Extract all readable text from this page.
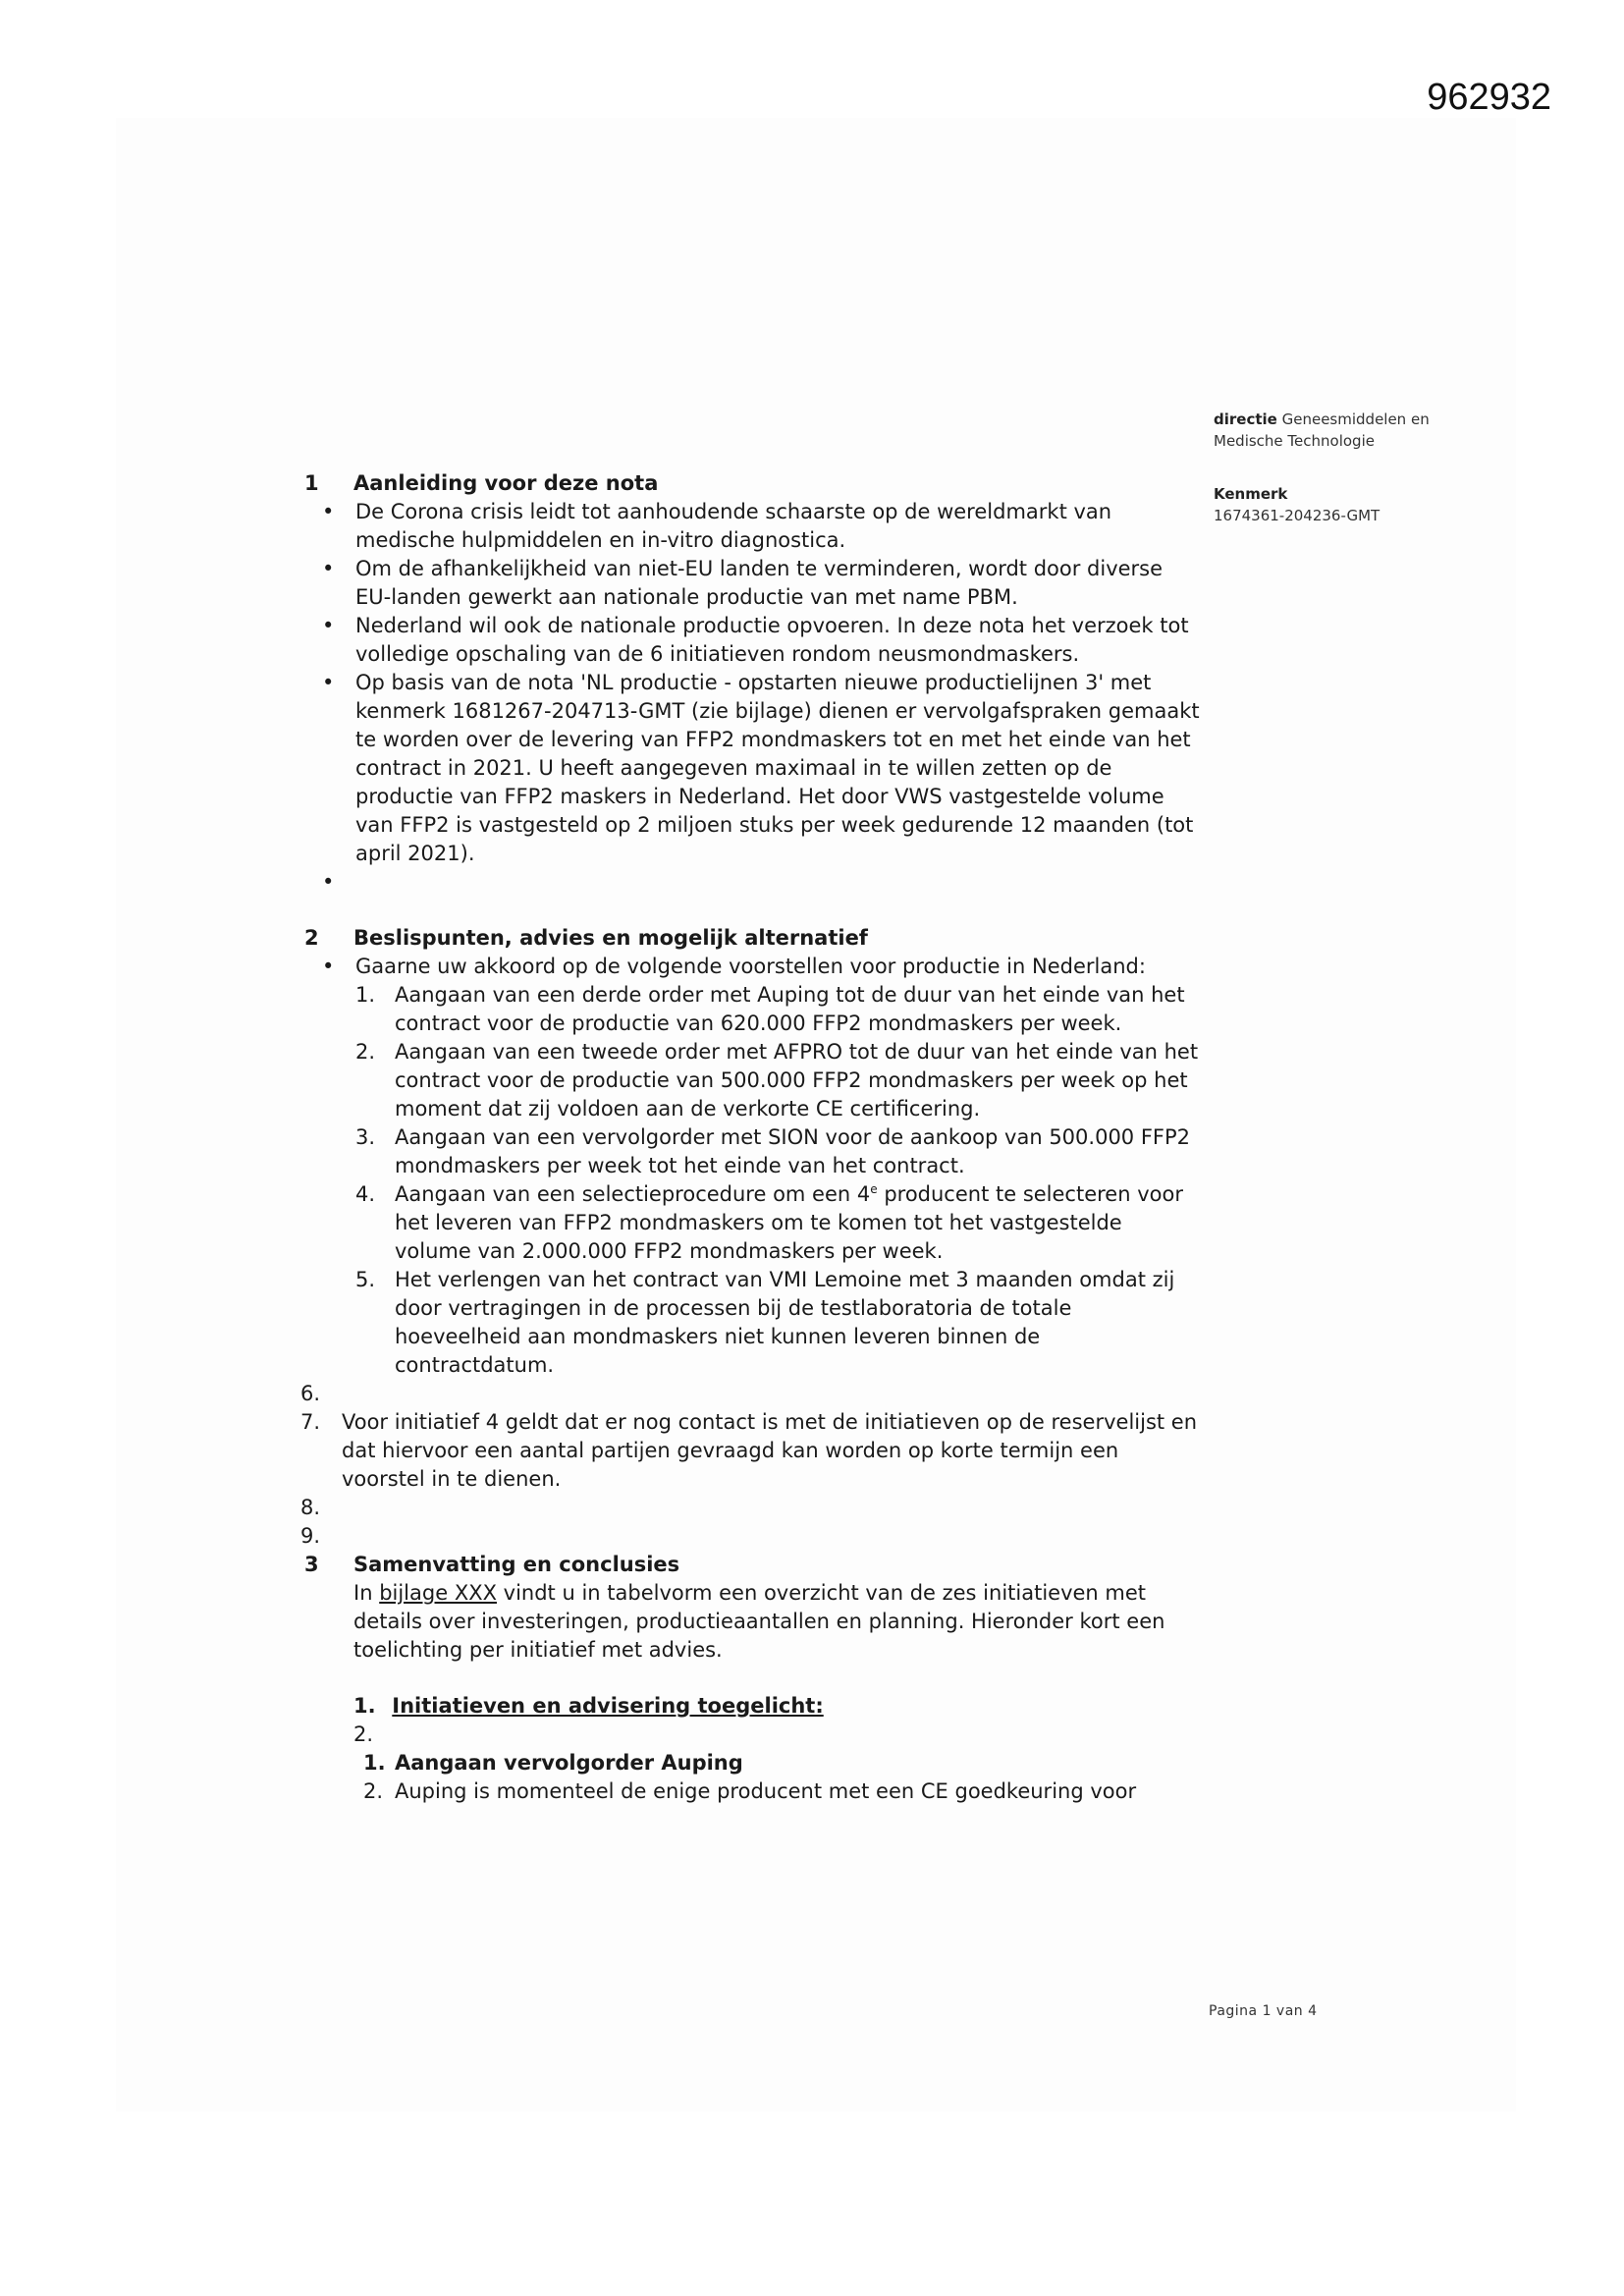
962932
directie Geneesmiddelen en
Medische Technologie
Kenmerk
1674361-204236-GMT
1 Aanleiding voor deze nota
• De Corona crisis leidt tot aanhoudende schaarste op de wereldmarkt van medische hulpmiddelen en in-vitro diagnostica.
• Om de afhankelijkheid van niet-EU landen te verminderen, wordt door diverse EU-landen gewerkt aan nationale productie van met name PBM.
• Nederland wil ook de nationale productie opvoeren. In deze nota het verzoek tot volledige opschaling van de 6 initiatieven rondom neusmondmaskers.
• Op basis van de nota 'NL productie - opstarten nieuwe productielijnen 3' met kenmerk 1681267-204713-GMT (zie bijlage) dienen er vervolgafspraken gemaakt te worden over de levering van FFP2 mondmaskers tot en met het einde van het contract in 2021. U heeft aangegeven maximaal in te willen zetten op de productie van FFP2 maskers in Nederland. Het door VWS vastgestelde volume van FFP2 is vastgesteld op 2 miljoen stuks per week gedurende 12 maanden (tot april 2021).
•

2 Beslispunten, advies en mogelijk alternatief
• Gaarne uw akkoord op de volgende voorstellen voor productie in Nederland:
1. Aangaan van een derde order met Auping tot de duur van het einde van het contract voor de productie van 620.000 FFP2 mondmaskers per week.
2. Aangaan van een tweede order met AFPRO tot de duur van het einde van het contract voor de productie van 500.000 FFP2 mondmaskers per week op het moment dat zij voldoen aan de verkorte CE certificering.
3. Aangaan van een vervolgorder met SION voor de aankoop van 500.000 FFP2 mondmaskers per week tot het einde van het contract.
4. Aangaan van een selectieprocedure om een 4e producent te selecteren voor het leveren van FFP2 mondmaskers om te komen tot het vastgestelde volume van 2.000.000 FFP2 mondmaskers per week.
5. Het verlengen van het contract van VMI Lemoine met 3 maanden omdat zij door vertragingen in de processen bij de testlaboratoria de totale hoeveelheid aan mondmaskers niet kunnen leveren binnen de contractdatum.
6.

7. Voor initiatief 4 geldt dat er nog contact is met de initiatieven op de reservelijst en dat hiervoor een aantal partijen gevraagd kan worden op korte termijn een voorstel in te dienen.
8.

9.

3 Samenvatting en conclusies
In bijlage XXX vindt u in tabelvorm een overzicht van de zes initiatieven met details over investeringen, productieaantallen en planning. Hieronder kort een toelichting per initiatief met advies.
1. Initiatieven en advisering toegelicht:
2.
1. Aangaan vervolgorder Auping
2. Auping is momenteel de enige producent met een CE goedkeuring voor
Pagina 1 van 4
